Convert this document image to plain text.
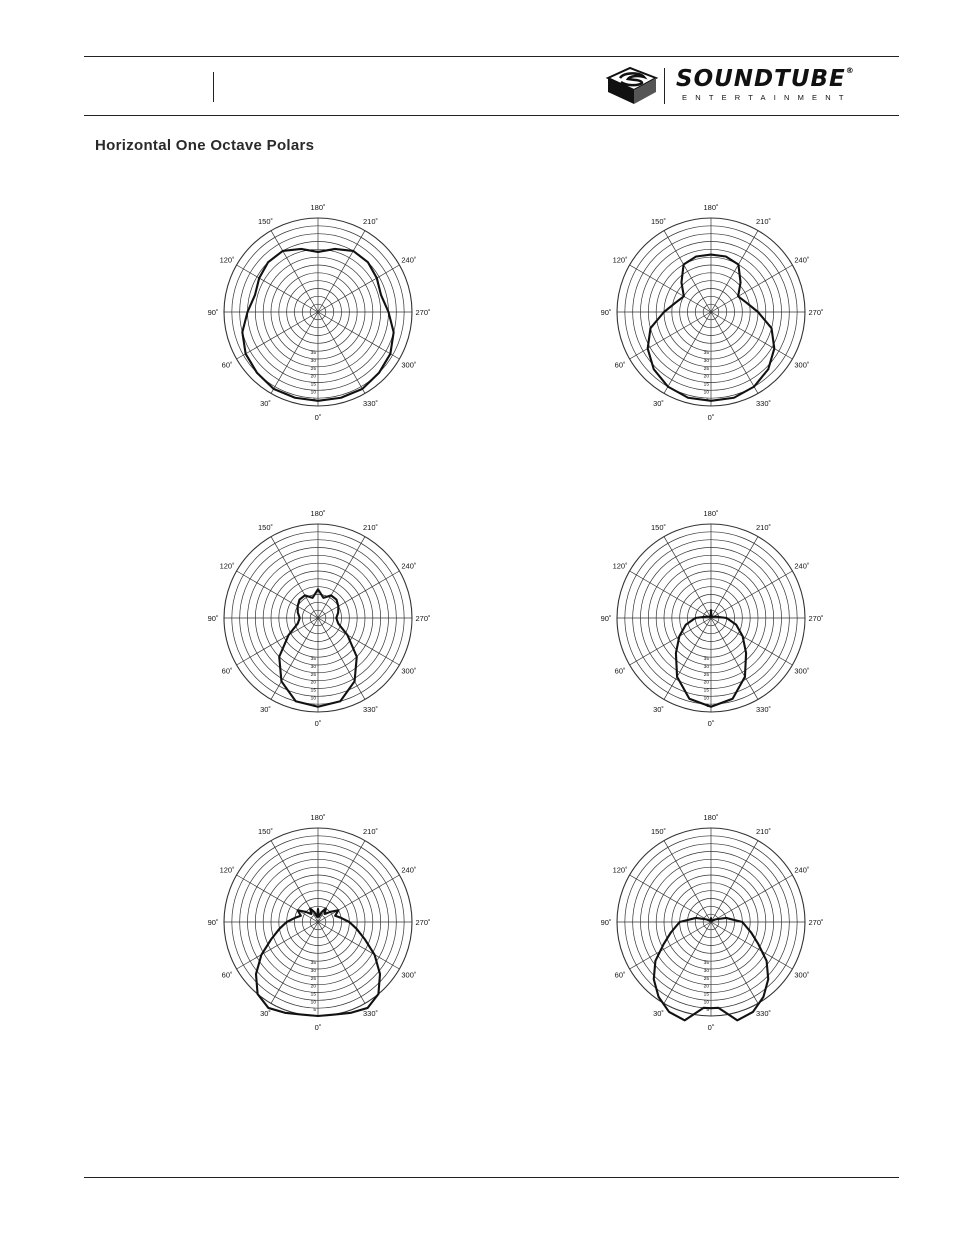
SOUNDTUBE®
ENTERTAINMENT
Horizontal One Octave Polars
180˚
210˚
240˚
270˚
300˚
330˚
0˚
30˚
60˚
90˚
120˚
150˚
5
10
15
20
25
30
35
180˚
210˚
240˚
270˚
300˚
330˚
0˚
30˚
60˚
90˚
120˚
150˚
5
10
15
20
25
30
35
180˚
210˚
240˚
270˚
300˚
330˚
0˚
30˚
60˚
90˚
120˚
150˚
5
10
15
20
25
30
35
180˚
210˚
240˚
270˚
300˚
330˚
0˚
30˚
60˚
90˚
120˚
150˚
5
10
15
20
25
30
35
180˚
210˚
240˚
270˚
300˚
330˚
0˚
30˚
60˚
90˚
120˚
150˚
5
10
15
20
25
30
35
180˚
210˚
240˚
270˚
300˚
330˚
0˚
30˚
60˚
90˚
120˚
150˚
5
10
15
20
25
30
35
